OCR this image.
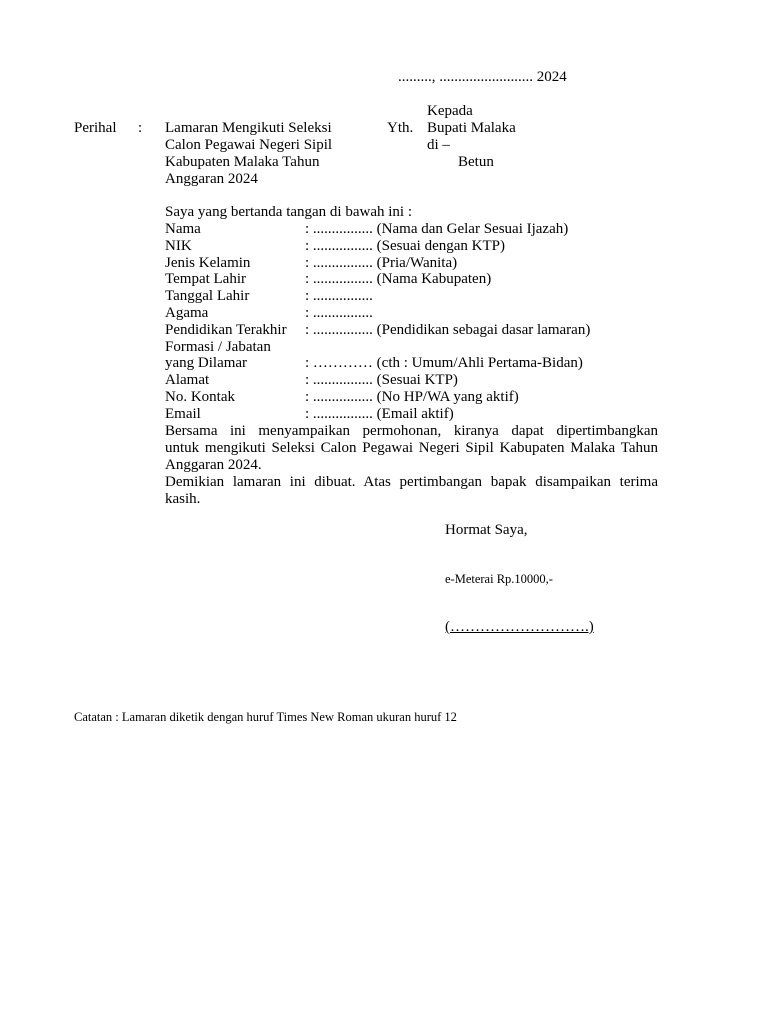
........., ......................... 2024
Kepada
Bupati Malaka
di –
Betun
Yth.
Perihal : Lamaran Mengikuti Seleksi
Calon Pegawai Negeri Sipil
Kabupaten Malaka Tahun
Anggaran 2024
Saya yang bertanda tangan di bawah ini :
Nama	: ................ (Nama dan Gelar Sesuai Ijazah)
NIK	: ................ (Sesuai dengan KTP)
Jenis Kelamin	: ................ (Pria/Wanita)
Tempat Lahir	: ................ (Nama Kabupaten)
Tanggal Lahir	: ................
Agama	: ................
Pendidikan Terakhir : ................ (Pendidikan sebagai dasar lamaran)
Formasi / Jabatan
yang Dilamar	: ………… (cth : Umum/Ahli Pertama-Bidan)
Alamat	: ................ (Sesuai KTP)
No. Kontak	: ................ (No HP/WA yang aktif)
Email	: ................ (Email aktif)
Bersama ini menyampaikan permohonan, kiranya dapat dipertimbangkan
untuk mengikuti Seleksi Calon Pegawai Negeri Sipil Kabupaten Malaka Tahun
Anggaran 2024.
Demikian lamaran ini dibuat. Atas pertimbangan bapak disampaikan terima
kasih.
Hormat Saya,
e-Meterai Rp.10000,-
(……………………….)
Catatan : Lamaran diketik dengan huruf Times New Roman ukuran huruf 12
